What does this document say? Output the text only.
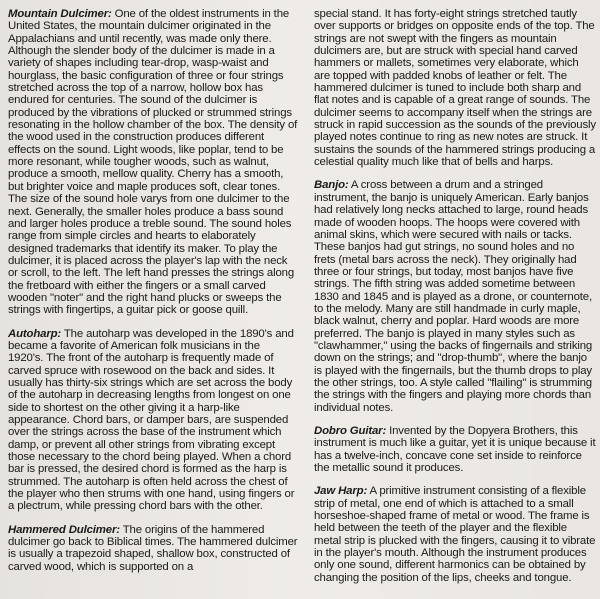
Mountain Dulcimer: One of the oldest instruments in the United States, the mountain dulcimer originated in the Appalachians and until recently, was made only there. Although the slender body of the dulcimer is made in a variety of shapes including tear-drop, wasp-waist and hourglass, the basic configuration of three or four strings stretched across the top of a narrow, hollow box has endured for centuries. The sound of the dulcimer is produced by the vibrations of plucked or strummed strings resonating in the hollow chamber of the box. The density of the wood used in the construction produces different effects on the sound. Light woods, like poplar, tend to be more resonant, while tougher woods, such as walnut, produce a smooth, mellow quality. Cherry has a smooth, but brighter voice and maple produces soft, clear tones. The size of the sound hole varys from one dulcimer to the next. Generally, the smaller holes produce a bass sound and larger holes produce a treble sound. The sound holes range from simple circles and hearts to elaborately designed trademarks that identify its maker. To play the dulcimer, it is placed across the player's lap with the neck or scroll, to the left. The left hand presses the strings along the fretboard with either the fingers or a small carved wooden "noter" and the right hand plucks or sweeps the strings with fingertips, a guitar pick or goose quill.
Autoharp: The autoharp was developed in the 1890's and became a favorite of American folk musicians in the 1920's. The front of the autoharp is frequently made of carved spruce with rosewood on the back and sides. It usually has thirty-six strings which are set across the body of the autoharp in decreasing lengths from longest on one side to shortest on the other giving it a harp-like appearance. Chord bars, or damper bars, are suspended over the strings across the base of the instrument which damp, or prevent all other strings from vibrating except those necessary to the chord being played. When a chord bar is pressed, the desired chord is formed as the harp is strummed. The autoharp is often held across the chest of the player who then strums with one hand, using fingers or a plectrum, while pressing chord bars with the other.
Hammered Dulcimer: The origins of the hammered dulcimer go back to Biblical times. The hammered dulcimer is usually a trapezoid shaped, shallow box, constructed of carved wood, which is supported on a
special stand. It has forty-eight strings stretched tautly over supports or bridges on opposite ends of the top. The strings are not swept with the fingers as mountain dulcimers are, but are struck with special hand carved hammers or mallets, sometimes very elaborate, which are topped with padded knobs of leather or felt. The hammered dulcimer is tuned to include both sharp and flat notes and is capable of a great range of sounds. The dulcimer seems to accompany itself when the strings are struck in rapid succession as the sounds of the previously played notes continue to ring as new notes are struck. It sustains the sounds of the hammered strings producing a celestial quality much like that of bells and harps.
Banjo: A cross between a drum and a stringed instrument, the banjo is uniquely American. Early banjos had relatively long necks attached to large, round heads made of wooden hoops. The hoops were covered with animal skins, which were secured with nails or tacks. These banjos had gut strings, no sound holes and no frets (metal bars across the neck). They originally had three or four strings, but today, most banjos have five strings. The fifth string was added sometime between 1830 and 1845 and is played as a drone, or counternote, to the melody. Many are still handmade in curly maple, black walnut, cherry and poplar. Hard woods are more preferred. The banjo is played in many styles such as "clawhammer," using the backs of fingernails and striking down on the strings; and "drop-thumb", where the banjo is played with the fingernails, but the thumb drops to play the other strings, too. A style called "flailing" is strumming the strings with the fingers and playing more chords than individual notes.
Dobro Guitar: Invented by the Dopyera Brothers, this instrument is much like a guitar, yet it is unique because it has a twelve-inch, concave cone set inside to reinforce the metallic sound it produces.
Jaw Harp: A primitive instrument consisting of a flexible strip of metal, one end of which is attached to a small horseshoe-shaped frame of metal or wood. The frame is held between the teeth of the player and the flexible metal strip is plucked with the fingers, causing it to vibrate in the player's mouth. Although the instrument produces only one sound, different harmonics can be obtained by changing the position of the lips, cheeks and tongue.
